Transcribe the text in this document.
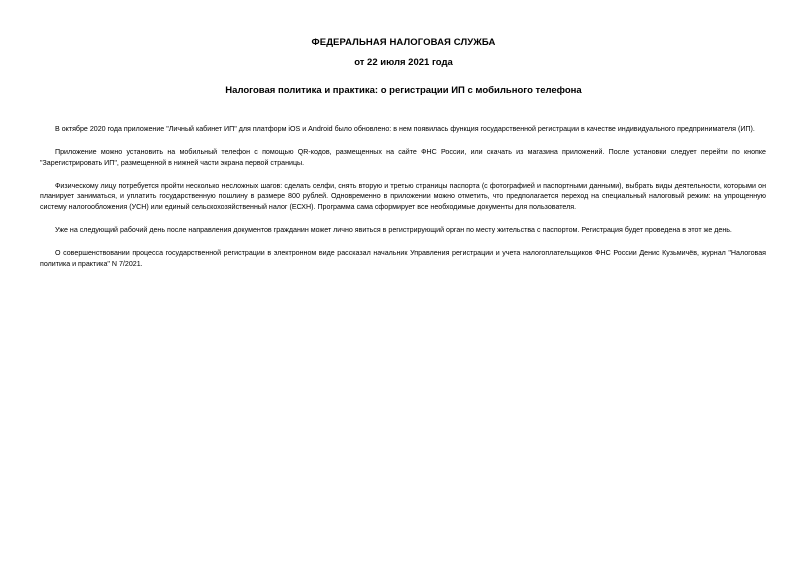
ФЕДЕРАЛЬНАЯ НАЛОГОВАЯ СЛУЖБА
от 22 июля 2021 года
Налоговая политика и практика: о регистрации ИП с мобильного телефона

В октябре 2020 года приложение "Личный кабинет ИП" для платформ iOS и Android было обновлено: в нем появилась функция государственной регистрации в качестве индивидуального предпринимателя (ИП).

Приложение можно установить на мобильный телефон с помощью QR-кодов, размещенных на сайте ФНС России, или скачать из магазина приложений. После установки следует перейти по кнопке "Зарегистрировать ИП", размещенной в нижней части экрана первой страницы.

Физическому лицу потребуется пройти несколько несложных шагов: сделать селфи, снять вторую и третью страницы паспорта (с фотографией и паспортными данными), выбрать виды деятельности, которыми он планирует заниматься, и уплатить государственную пошлину в размере 800 рублей. Одновременно в приложении можно отметить, что предполагается переход на специальный налоговый режим: на упрощенную систему налогообложения (УСН) или единый сельскохозяйственный налог (ЕСХН). Программа сама сформирует все необходимые документы для пользователя.

Уже на следующий рабочий день после направления документов гражданин может лично явиться в регистрирующий орган по месту жительства с паспортом. Регистрация будет проведена в этот же день.

О совершенствовании процесса государственной регистрации в электронном виде рассказал начальник Управления регистрации и учета налогоплательщиков ФНС России Денис Кузьмичёв, журнал "Налоговая политика и практика" N 7/2021.
